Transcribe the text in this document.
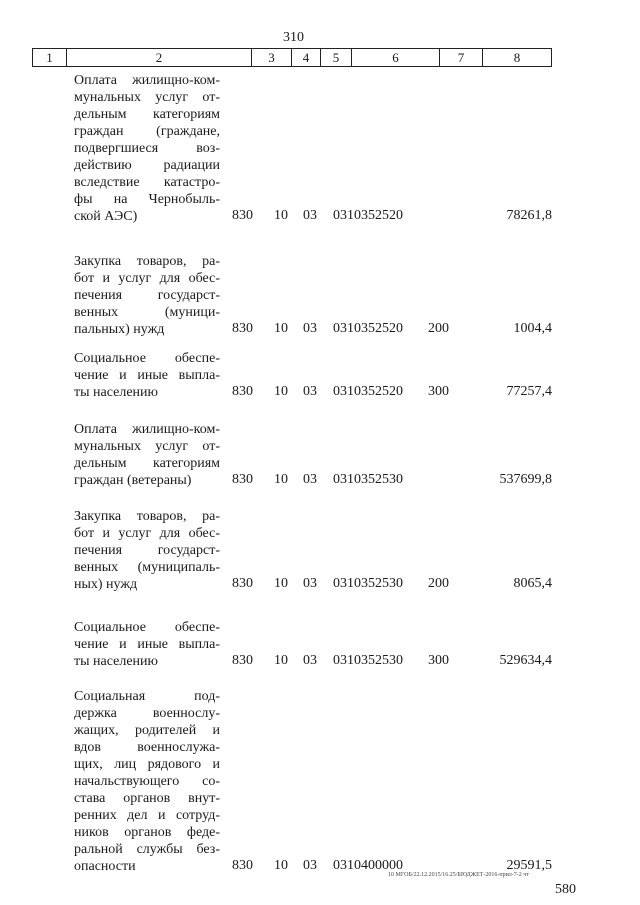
310
1	2	3	4	5	6	7	8
Оплата жилищно-ком-
мунальных услуг от-
дельным категориям
граждан (граждане,
подвергшиеся воз-
действию радиации
вследствие катастро-
фы на Чернобыль-
ской АЭС)	830 10 03 0310352520	78261,8
Закупка товаров, ра-
бот и услуг для обес-
печения государст-
венных (муници-
пальных) нужд	830 10 03 0310352520 200	1004,4
Социальное обеспе-
чение и иные выпла-
ты населению	830 10 03 0310352520 300	77257,4
Оплата жилищно-ком-
мунальных услуг от-
дельным категориям
граждан (ветераны)	830 10 03 0310352530	537699,8
Закупка товаров, ра-
бот и услуг для обес-
печения государст-
венных (муниципаль-
ных) нужд	830 10 03 0310352530 200	8065,4
Социальное обеспе-
чение и иные выпла-
ты населению	830 10 03 0310352530 300	529634,4
Социальная под-
держка военнослу-
жащих, родителей и
вдов военнослужа-
щих, лиц рядового и
начальствующего со-
става органов внут-
ренних дел и сотруд-
ников органов феде-
ральной службы без-
опасности	830 10 03 0310400000	29591,5
10 МГОБ/22.12.2015/16.25/БЮДЖЕТ-2016-прил-7-2 чт
580
